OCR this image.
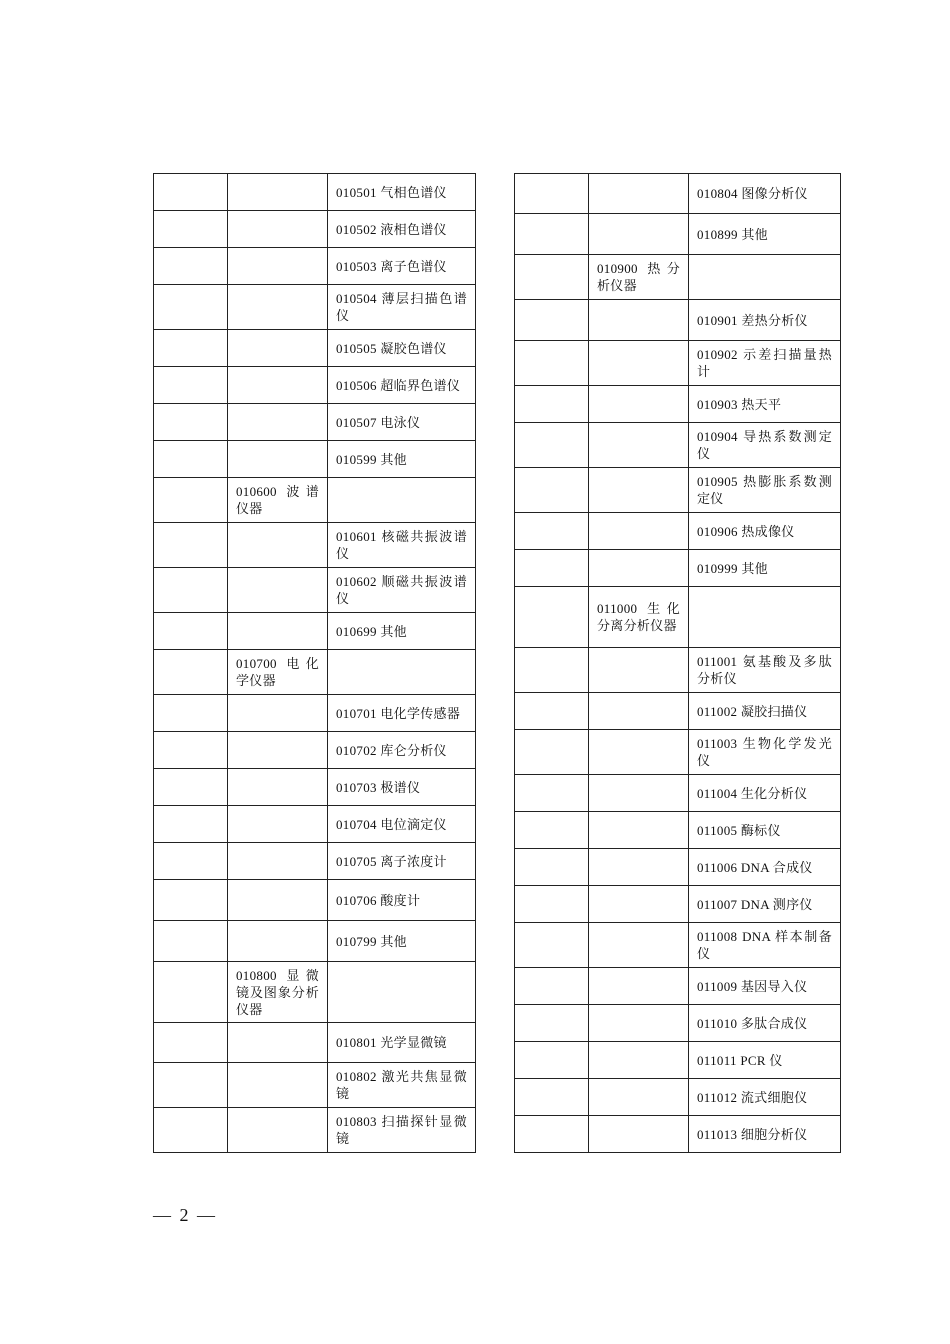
		010501 气相色谱仪
		010502 液相色谱仪
		010503 离子色谱仪
		010504 薄层扫描色谱仪
		010505 凝胶色谱仪
		010506 超临界色谱仪
		010507 电泳仪
		010599 其他
	010600 波谱仪器	
		010601 核磁共振波谱仪
		010602 顺磁共振波谱仪
		010699 其他
	010700 电化学仪器	
		010701 电化学传感器
		010702 库仑分析仪
		010703 极谱仪
		010704 电位滴定仪
		010705 离子浓度计
		010706 酸度计
		010799 其他
	010800 显微镜及图象分析仪器	
		010801 光学显微镜
		010802 激光共焦显微镜
		010803 扫描探针显微镜
		010804 图像分析仪
		010899 其他
	010900 热分析仪器	
		010901 差热分析仪
		010902 示差扫描量热计
		010903 热天平
		010904 导热系数测定仪
		010905 热膨胀系数测定仪
		010906 热成像仪
		010999 其他
	011000 生化分离分析仪器	
		011001 氨基酸及多肽分析仪
		011002 凝胶扫描仪
		011003 生物化学发光仪
		011004 生化分析仪
		011005 酶标仪
		011006 DNA 合成仪
		011007 DNA 测序仪
		011008 DNA 样本制备仪
		011009 基因导入仪
		011010 多肽合成仪
		011011 PCR 仪
		011012 流式细胞仪
		011013 细胞分析仪
— 2 —
